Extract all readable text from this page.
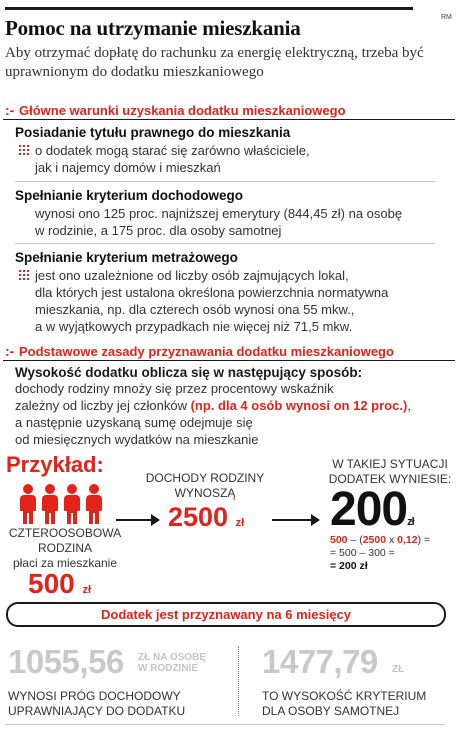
RM
Pomoc na utrzymanie mieszkania
Aby otrzymać dopłatę do rachunku za energię elektryczną, trzeba być uprawnionym do dodatku mieszkaniowego
:- Główne warunki uzyskania dodatku mieszkaniowego
Posiadanie tytułu prawnego do mieszkania
o dodatek mogą starać się zarówno właściciele,
jak i najemcy domów i mieszkań
Spełnianie kryterium dochodowego
wynosi ono 125 proc. najniższej emerytury (844,45 zł) na osobę
w rodzinie, a 175 proc. dla osoby samotnej
Spełnianie kryterium metrażowego
jest ono uzależnione od liczby osób zajmujących lokal,
dla których jest ustalona określona powierzchnia normatywna
mieszkania, np. dla czterech osób wynosi ona 55 mkw.,
a w wyjątkowych przypadkach nie więcej niż 71,5 mkw.
:- Podstawowe zasady przyznawania dodatku mieszkaniowego
Wysokość dodatku oblicza się w następujący sposób:
dochody rodziny mnoży się przez procentowy wskaźnik
zależny od liczby jej członków (np. dla 4 osób wynosi on 12 proc.),
a następnie uzyskaną sumę odejmuje się
od miesięcznych wydatków na mieszkanie
Przykład:
CZTEROOSOBOWA
RODZINA
płaci za mieszkanie
500 zł
DOCHODY RODZINY
WYNOSZĄ
2500 zł
W TAKIEJ SYTUACJI
DODATEK WYNIESIE:
200zł
500 – (2500 x 0,12) =
= 500 – 300 =
= 200 zł
Dodatek jest przyznawany na 6 miesięcy
1055,56 ZŁ NA OSOBĘ
W RODZINIE
WYNOSI PRÓG DOCHODOWY
UPRAWNIAJĄCY DO DODATKU
1477,79 ZŁ
TO WYSOKOŚĆ KRYTERIUM
DLA OSOBY SAMOTNEJ
